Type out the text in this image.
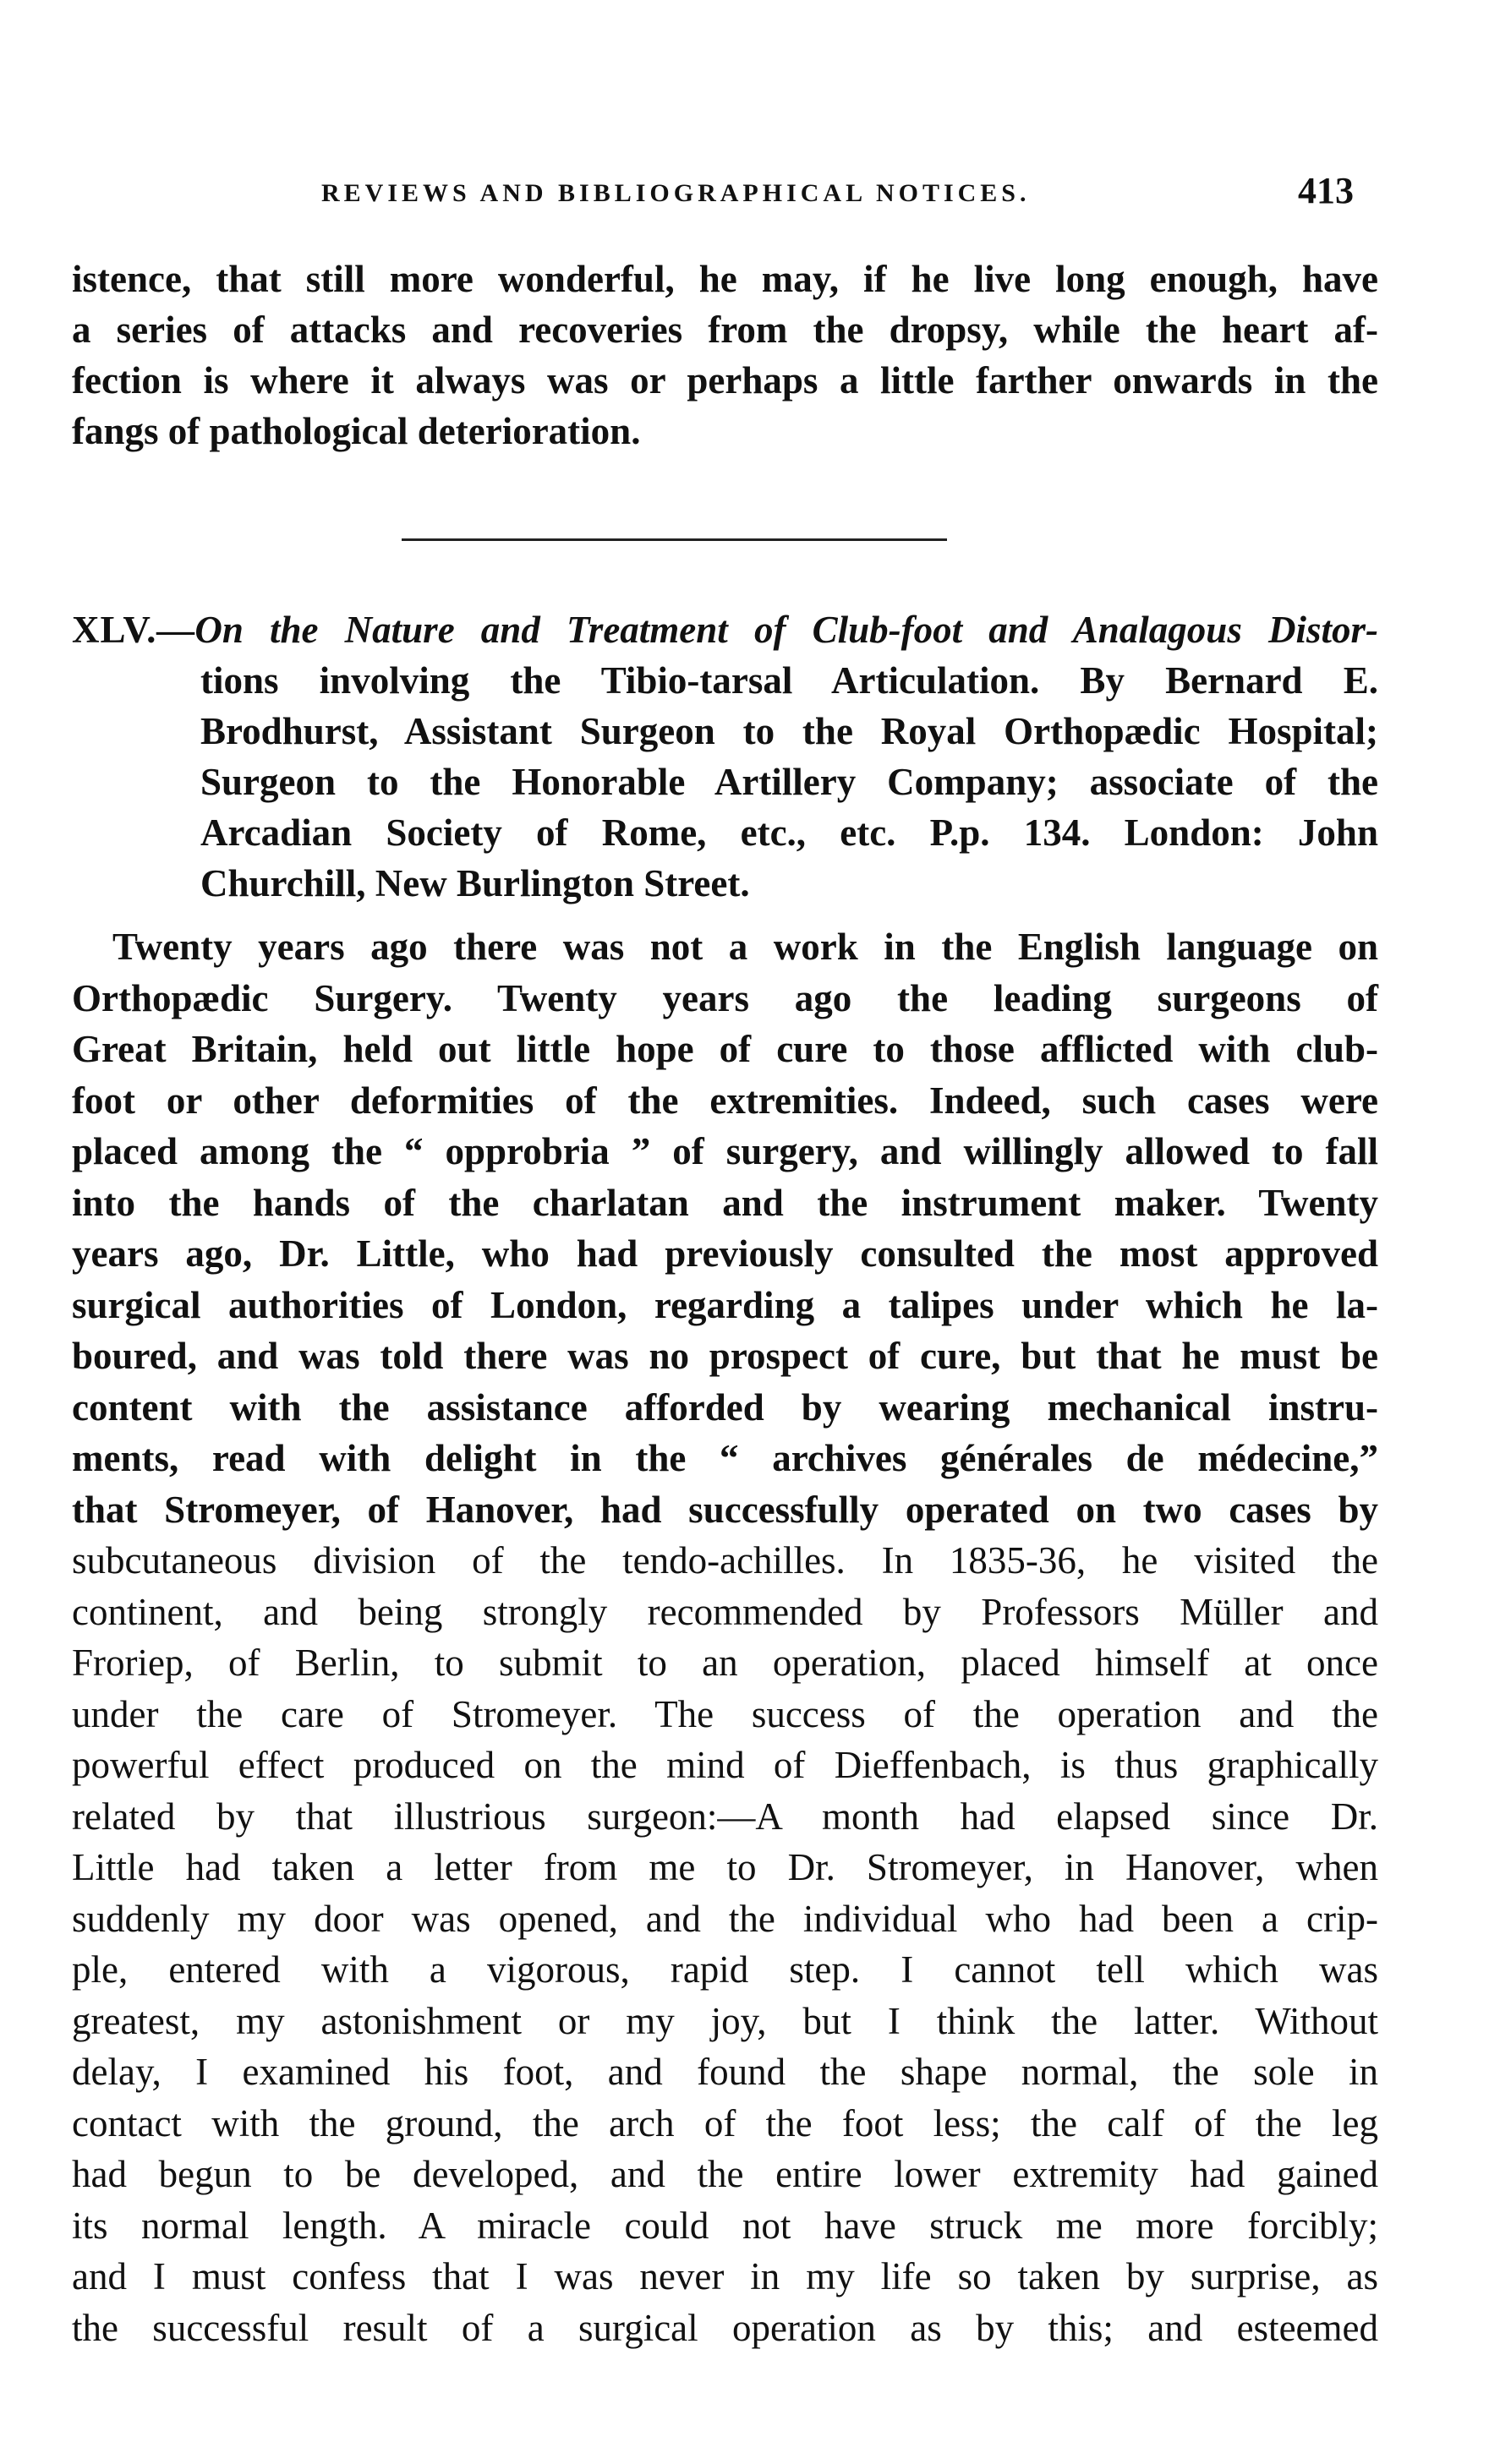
REVIEWS AND BIBLIOGRAPHICAL NOTICES.	413
istence, that still more wonderful, he may, if he live long enough, have
a series of attacks and recoveries from the dropsy, while the heart af-
fection is where it always was or perhaps a little farther onwards in the
fangs of pathological deterioration.
XLV.—On the Nature and Treatment of Club-foot and Analagous Distor-
tions involving the Tibio-tarsal Articulation. By Bernard E.
Brodhurst, Assistant Surgeon to the Royal Orthopædic Hospital;
Surgeon to the Honorable Artillery Company; associate of the
Arcadian Society of Rome, etc., etc. P.p. 134. London: John
Churchill, New Burlington Street.
Twenty years ago there was not a work in the English language on
Orthopædic Surgery. Twenty years ago the leading surgeons of
Great Britain, held out little hope of cure to those afflicted with club-
foot or other deformities of the extremities. Indeed, such cases were
placed among the “ opprobria ” of surgery, and willingly allowed to fall
into the hands of the charlatan and the instrument maker. Twenty
years ago, Dr. Little, who had previously consulted the most approved
surgical authorities of London, regarding a talipes under which he la-
boured, and was told there was no prospect of cure, but that he must be
content with the assistance afforded by wearing mechanical instru-
ments, read with delight in the “ archives générales de médecine,”
that Stromeyer, of Hanover, had successfully operated on two cases by
subcutaneous division of the tendo-achilles. In 1835-36, he visited the
continent, and being strongly recommended by Professors Müller and
Froriep, of Berlin, to submit to an operation, placed himself at once
under the care of Stromeyer. The success of the operation and the
powerful effect produced on the mind of Dieffenbach, is thus graphically
related by that illustrious surgeon:—A month had elapsed since Dr.
Little had taken a letter from me to Dr. Stromeyer, in Hanover, when
suddenly my door was opened, and the individual who had been a crip-
ple, entered with a vigorous, rapid step. I cannot tell which was
greatest, my astonishment or my joy, but I think the latter. Without
delay, I examined his foot, and found the shape normal, the sole in
contact with the ground, the arch of the foot less; the calf of the leg
had begun to be developed, and the entire lower extremity had gained
its normal length. A miracle could not have struck me more forcibly;
and I must confess that I was never in my life so taken by surprise, as
the successful result of a surgical operation as by this; and esteemed
